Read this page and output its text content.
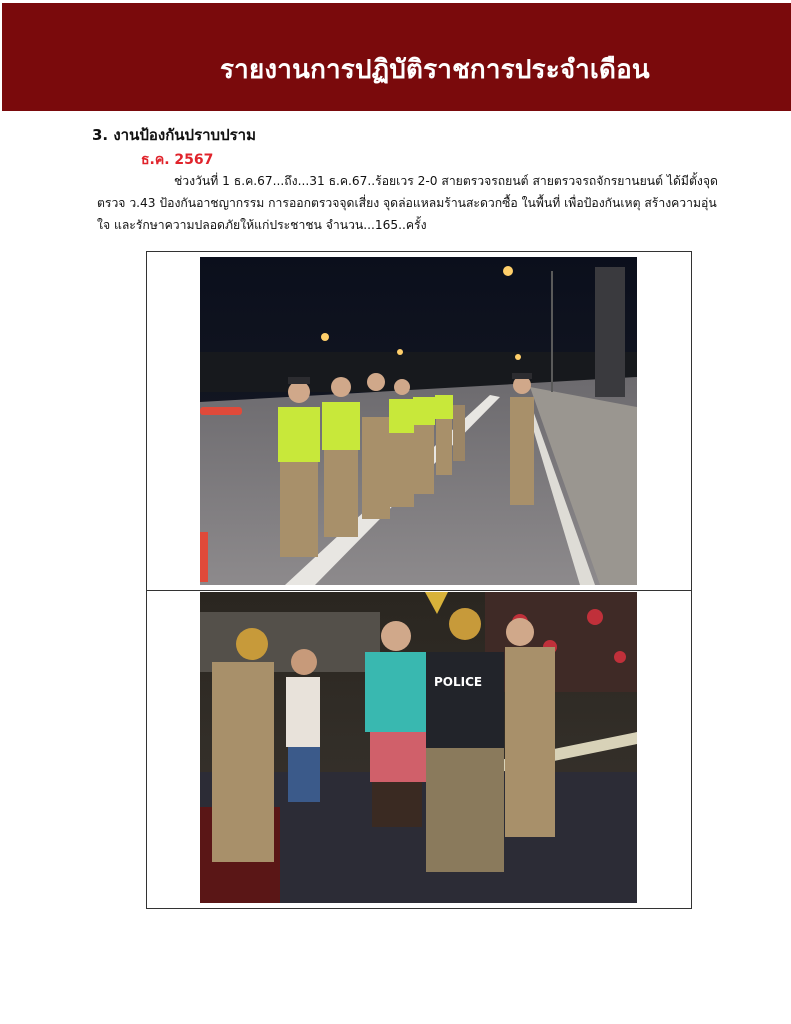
รายงานการปฏิบัติราชการประจำเดือน
3. งานป้องกันปราบปราม
ธ.ค. 2567

ช่วงวันที่ 1 ธ.ค.67...ถึง...31 ธ.ค.67..ร้อยเวร 2-0 สายตรวจรถยนต์ สายตรวจรถจักรยานยนต์ ได้มีตั้งจุดตรวจ ว.43 ป้องกันอาชญากรรม การออกตรวจจุดเสี่ยง จุดล่อแหลมร้านสะดวกซื้อ ในพื้นที่ เพื่อป้องกันเหตุ สร้างความอุ่นใจ และรักษาความปลอดภัยให้แก่ประชาชน จำนวน...165..ครั้ง

POLICE
